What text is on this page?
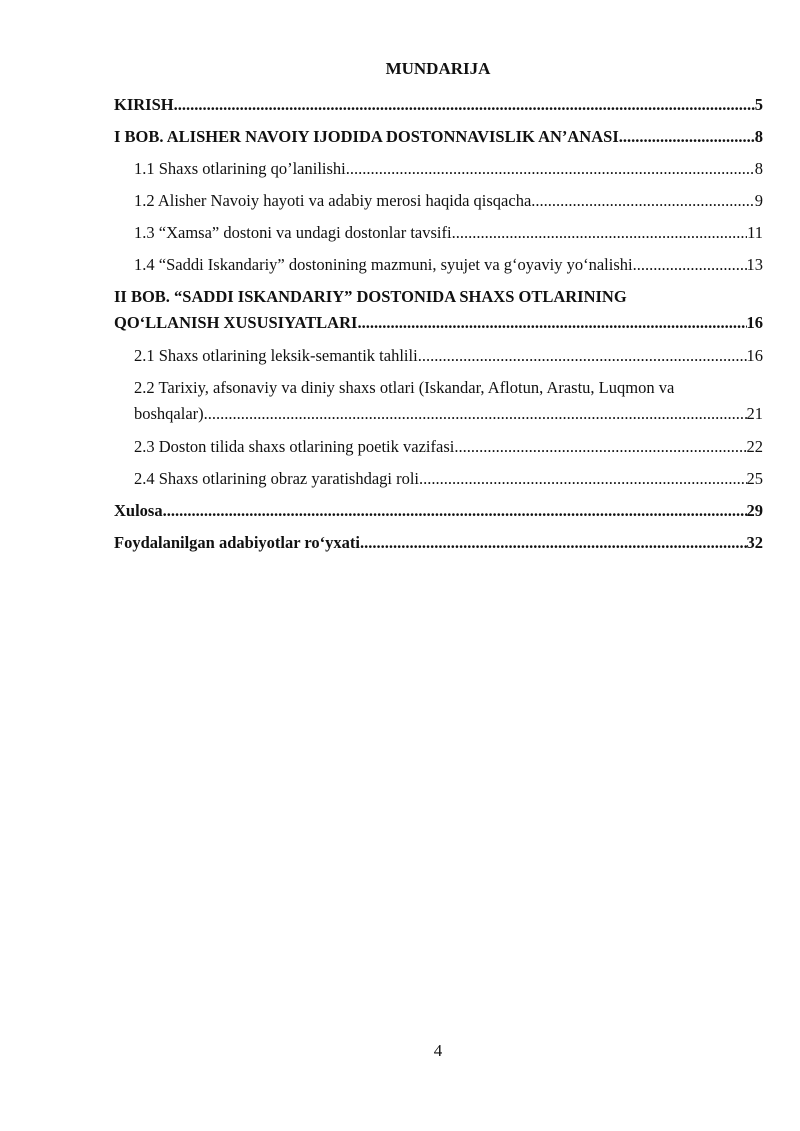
MUNDARIJA
KIRISH .....	5
I BOB. ALISHER NAVOIY IJODIDA DOSTONNAVISLIK AN’ANASI .....	8
1.1 Shaxs otlarining qo’lanilishi .....	8
1.2 Alisher Navoiy hayoti va adabiy merosi haqida qisqacha .....	9
1.3 “Xamsa” dostoni va undagi dostonlar tavsifi .....	11
1.4 “Saddi Iskandariy” dostonining mazmuni, syujet va g‘oyaviy yo‘nalishi .....	13
II BOB. “SADDI ISKANDARIY” DOSTONIDA SHAXS OTLARINING
QO‘LLANISH XUSUSIYATLARI .....	16
2.1 Shaxs otlarining leksik-semantik tahlili .....	16
2.2 Tarixiy, afsonaviy va diniy shaxs otlari (Iskandar, Aflotun, Arastu, Luqmon va
boshqalar) .....	21
2.3 Doston tilida shaxs otlarining poetik vazifasi .....	22
2.4 Shaxs otlarining obraz yaratishdagi roli .....	25
Xulosa .....	29
Foydalanilgan adabiyotlar ro‘yxati .....	32
4
